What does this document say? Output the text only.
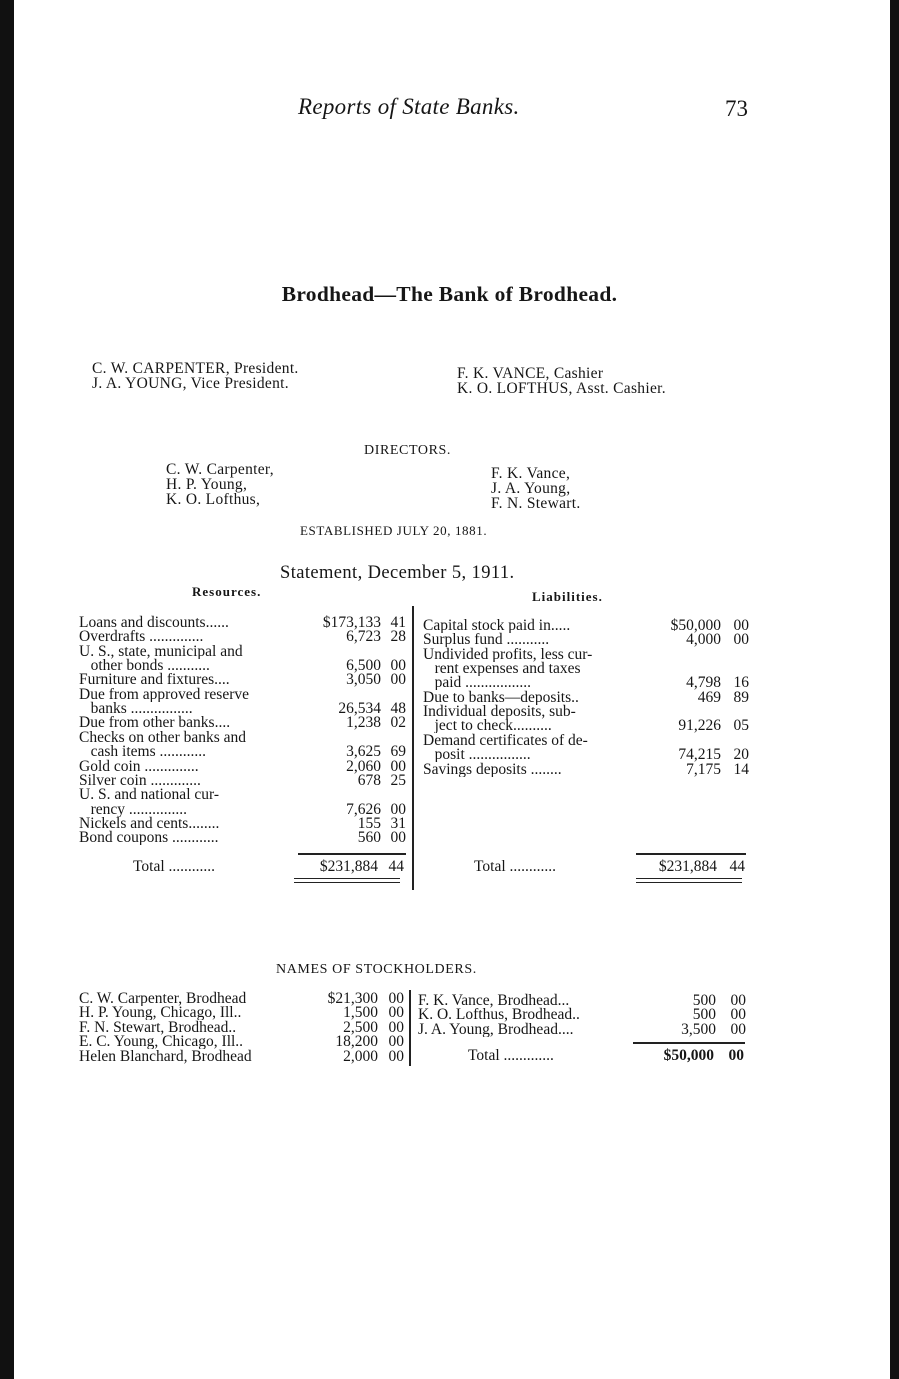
Reports of State Banks.	73
Brodhead—The Bank of Brodhead.
C. W. CARPENTER, President.
J. A. YOUNG, Vice President.
F. K. VANCE, Cashier
K. O. LOFTHUS, Asst. Cashier.
DIRECTORS.
C. W. Carpenter,
H. P. Young,
K. O. Lofthus,
F. K. Vance,
J. A. Young,
F. N. Stewart.
ESTABLISHED JULY 20, 1881.
Statement, December 5, 1911.
Resources.	Liabilities.
Loans and discounts......	$173,133 41
Overdrafts ..............	6,723 28
U. S., state, municipal and
other bonds ...........	6,500 00
Furniture and fixtures....	3,050 00
Due from approved reserve
banks ................	26,534 48
Due from other banks....	1,238 02
Checks on other banks and
cash items ............	3,625 69
Gold coin ..............	2,060 00
Silver coin .............	678 25
U. S. and national cur-
rency ...............	7,626 00
Nickels and cents........	155 31
Bond coupons ............	560 00
Capital stock paid in.....	$50,000 00
Surplus fund ...........	4,000 00
Undivided profits, less cur-
rent expenses and taxes
paid .................	4,798 16
Due to banks—deposits..	469 89
Individual deposits, sub-
ject to check..........	91,226 05
Demand certificates of de-
posit ................	74,215 20
Savings deposits ........	7,175 14
Total ............	$231,884 44	Total ............	$231,884 44
NAMES OF STOCKHOLDERS.
C. W. Carpenter, Brodhead	$21,300 00
H. P. Young, Chicago, Ill..	1,500 00
F. N. Stewart, Brodhead..	2,500 00
E. C. Young, Chicago, Ill..	18,200 00
Helen Blanchard, Brodhead	2,000 00
F. K. Vance, Brodhead...	500 00
K. O. Lofthus, Brodhead..	500 00
J. A. Young, Brodhead....	3,500 00
Total .............	$50,000 00
